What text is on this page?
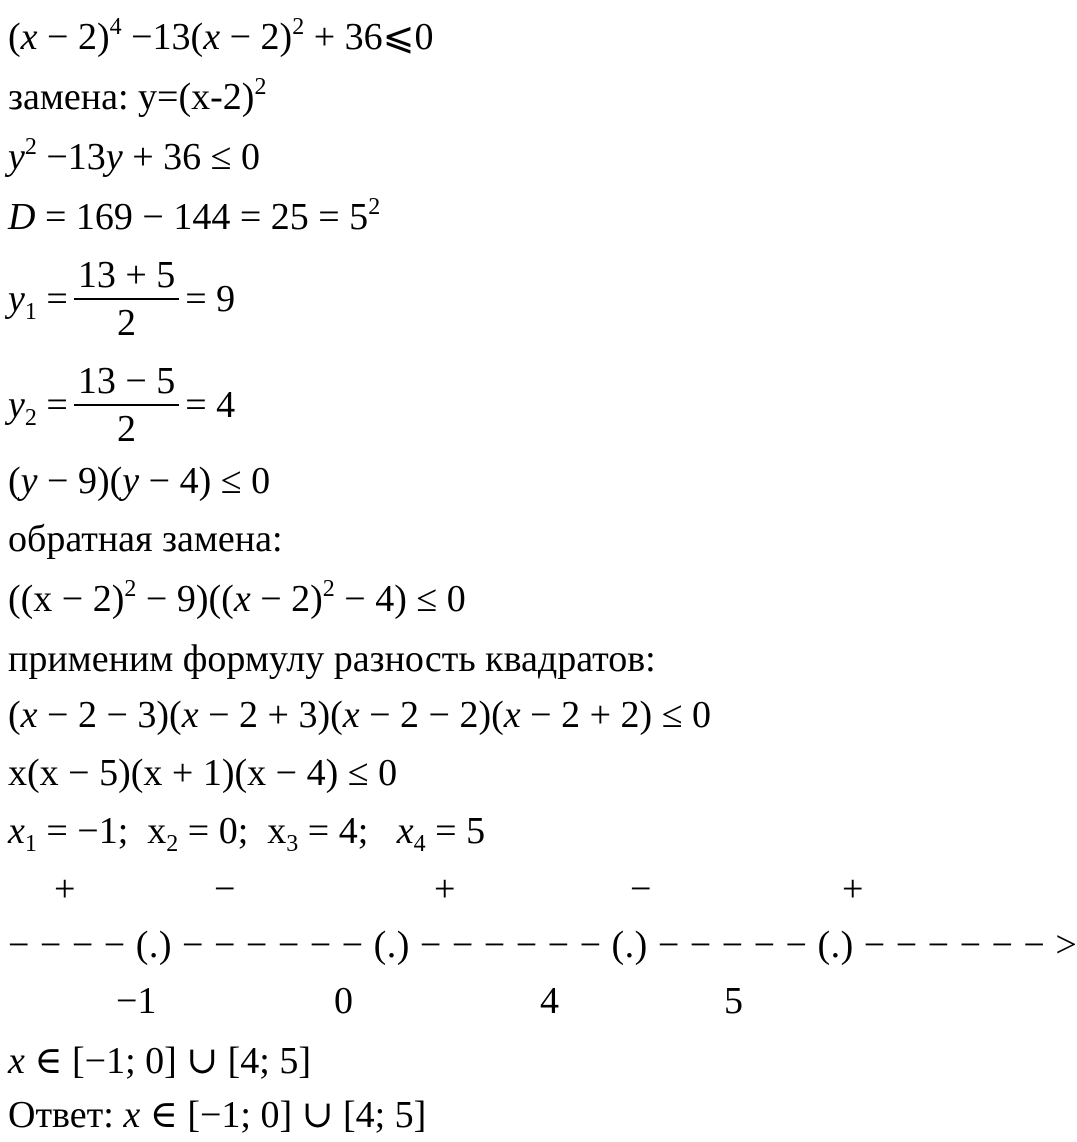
$(x - 2)^4 -13(x - 2)^2$ + 36⩽0
замена: $y=(x-2)^2$
$y^2 -13y + 36 \le 0$
$D = 169 - 144 = 25 = 5^2$
$y_1 = \frac{13 + 5}{2} = 9$
$y_2 = \frac{13 - 5}{2} = 4$
(y − 9)(y − 4) ≤ 0
обратная замена:
$((x - 2)^2 - 9)((x - 2)^2 - 4) \le 0$
применим формулу разность квадратов:
(x − 2 − 3)(x − 2 + 3)(x − 2 − 2)(x − 2 + 2) ≤ 0
x(x − 5)(x + 1)(x − 4) ≤ 0
$x_1 = -1$;  $x_2 = 0$;  $x_3 = 4$;   $x_4 = 5$
+	−	+	−	+
− − − − (.) − − − − − − (.) − − − − − − (.) − − − − − (.) − − − − − − >
−1	0	4	5
x ∈ [−1; 0] ∪ [4; 5]
Ответ: x ∈ [−1; 0] ∪ [4; 5]
